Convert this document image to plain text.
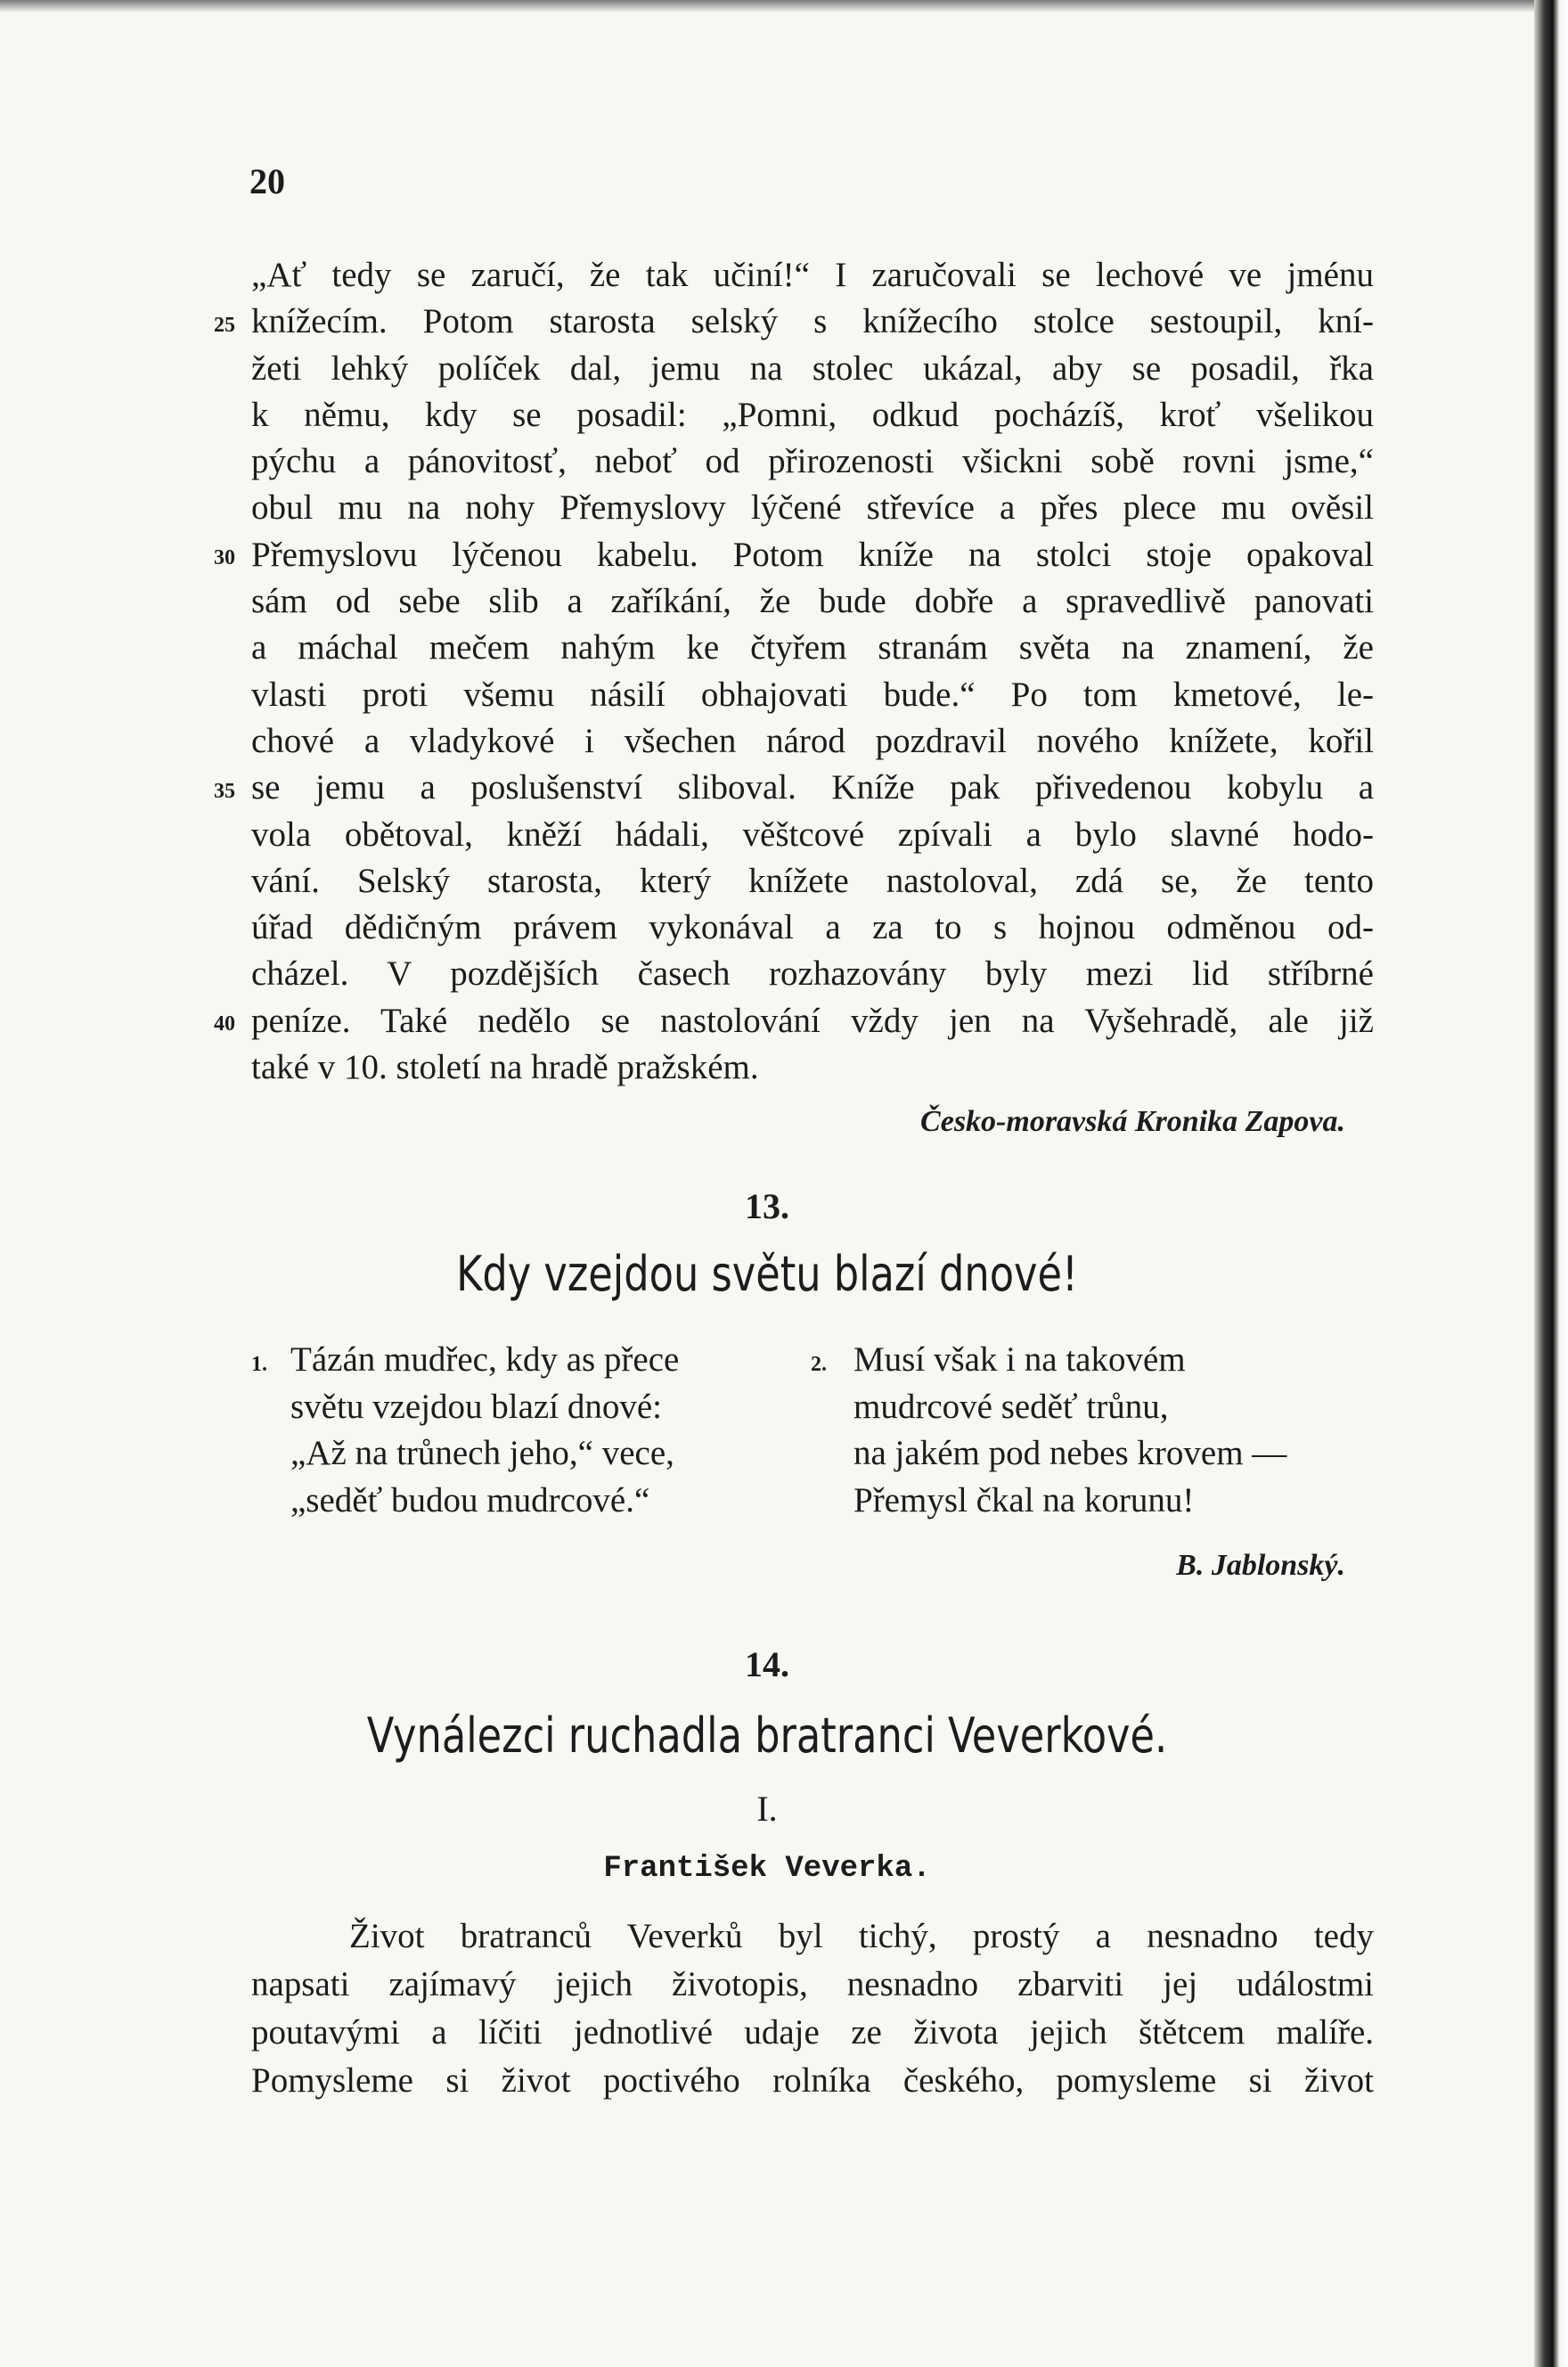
20
„Ať tedy se zaručí, že tak učiní!“ I zaručovali se lechové ve jménu
knížecím. Potom starosta selský s knížecího stolce sestoupil, kní-
žeti lehký políček dal, jemu na stolec ukázal, aby se posadil, řka
k němu, kdy se posadil: „Pomni, odkud pocházíš, kroť všelikou
pýchu a pánovitosť, neboť od přirozenosti všickni sobě rovni jsme,“
obul mu na nohy Přemyslovy lýčené střevíce a přes plece mu ověsil
Přemyslovu lýčenou kabelu. Potom kníže na stolci stoje opakoval
sám od sebe slib a zaříkání, že bude dobře a spravedlivě panovati
a máchal mečem nahým ke čtyřem stranám světa na znamení, že
vlasti proti všemu násilí obhajovati bude.“ Po tom kmetové, le-
chové a vladykové i všechen národ pozdravil nového knížete, kořil
se jemu a poslušenství sliboval. Kníže pak přivedenou kobylu a
vola obětoval, kněží hádali, věštcové zpívali a bylo slavné hodo-
vání. Selský starosta, který knížete nastoloval, zdá se, že tento
úřad dědičným právem vykonával a za to s hojnou odměnou od-
cházel. V pozdějších časech rozhazovány byly mezi lid stříbrné
peníze. Také nedělo se nastolování vždy jen na Vyšehradě, ale již
také v 10. století na hradě pražském.
25
30
35
40
Česko-moravská Kronika Zapova.
13.
Kdy vzejdou světu blazí dnové!
1. Tázán mudřec, kdy as přece
světu vzejdou blazí dnové:
„Až na trůnech jeho,“ vece,
„seděť budou mudrcové.“
2. Musí však i na takovém
mudrcové seděť trůnu,
na jakém pod nebes krovem —
Přemysl čkal na korunu!
B. Jablonský.
14.
Vynálezci ruchadla bratranci Veverkové.
I.
František Veverka.
Život bratranců Veverků byl tichý, prostý a nesnadno tedy
napsati zajímavý jejich životopis, nesnadno zbarviti jej událostmi
poutavými a líčiti jednotlivé udaje ze života jejich štětcem malíře.
Pomysleme si život poctivého rolníka českého, pomysleme si život
